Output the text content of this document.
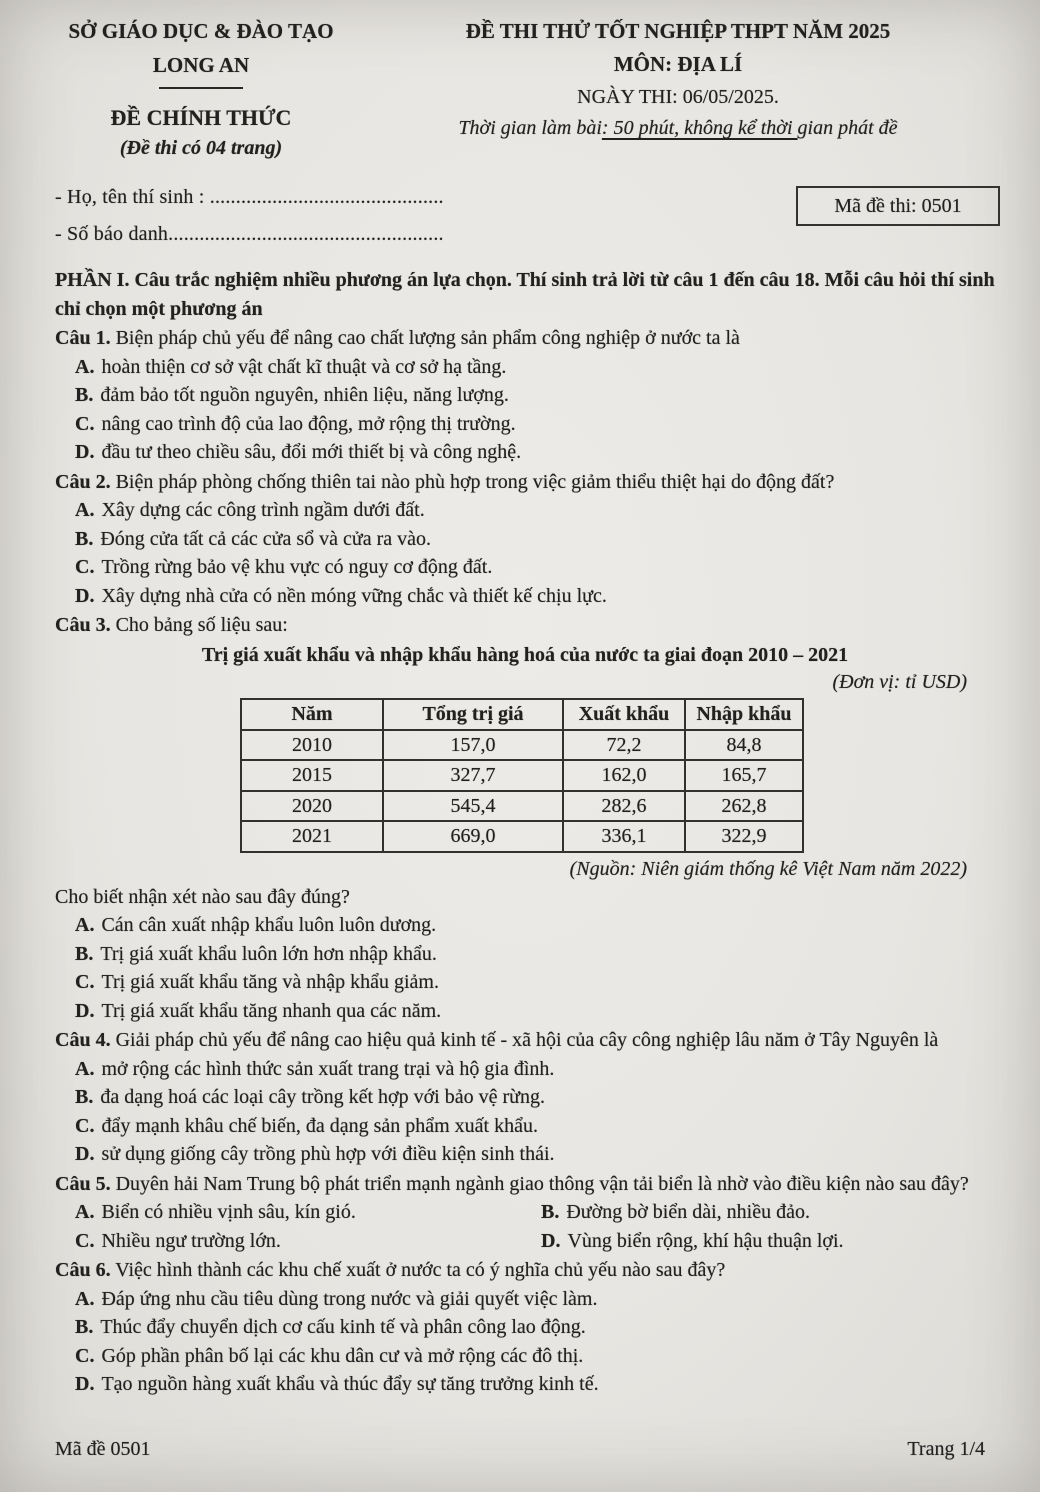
SỞ GIÁO DỤC & ĐÀO TẠO
LONG AN
ĐỀ CHÍNH THỨC
(Đề thi có 04 trang)
ĐỀ THI THỬ TỐT NGHIỆP THPT NĂM 2025
MÔN: ĐỊA LÍ
NGÀY THI: 06/05/2025.
Thời gian làm bài: 50 phút, không kể thời gian phát đề
- Họ, tên thí sinh : .............................................
- Số báo danh.....................................................
Mã đề thi: 0501
PHẦN I. Câu trắc nghiệm nhiều phương án lựa chọn. Thí sinh trả lời từ câu 1 đến câu 18. Mỗi câu hỏi thí sinh chỉ chọn một phương án
Câu 1. Biện pháp chủ yếu để nâng cao chất lượng sản phẩm công nghiệp ở nước ta là
A. hoàn thiện cơ sở vật chất kĩ thuật và cơ sở hạ tầng.
B. đảm bảo tốt nguồn nguyên, nhiên liệu, năng lượng.
C. nâng cao trình độ của lao động, mở rộng thị trường.
D. đầu tư theo chiều sâu, đổi mới thiết bị và công nghệ.
Câu 2. Biện pháp phòng chống thiên tai nào phù hợp trong việc giảm thiểu thiệt hại do động đất?
A. Xây dựng các công trình ngầm dưới đất.
B. Đóng cửa tất cả các cửa sổ và cửa ra vào.
C. Trồng rừng bảo vệ khu vực có nguy cơ động đất.
D. Xây dựng nhà cửa có nền móng vững chắc và thiết kế chịu lực.
Câu 3. Cho bảng số liệu sau:
Trị giá xuất khẩu và nhập khẩu hàng hoá của nước ta giai đoạn 2010 – 2021
(Đơn vị: tỉ USD)
Năm	Tổng trị giá	Xuất khẩu	Nhập khẩu
2010	157,0	72,2	84,8
2015	327,7	162,0	165,7
2020	545,4	282,6	262,8
2021	669,0	336,1	322,9
(Nguồn: Niên giám thống kê Việt Nam năm 2022)
Cho biết nhận xét nào sau đây đúng?
A. Cán cân xuất nhập khẩu luôn luôn dương.
B. Trị giá xuất khẩu luôn lớn hơn nhập khẩu.
C. Trị giá xuất khẩu tăng và nhập khẩu giảm.
D. Trị giá xuất khẩu tăng nhanh qua các năm.
Câu 4. Giải pháp chủ yếu để nâng cao hiệu quả kinh tế - xã hội của cây công nghiệp lâu năm ở Tây Nguyên là
A. mở rộng các hình thức sản xuất trang trại và hộ gia đình.
B. đa dạng hoá các loại cây trồng kết hợp với bảo vệ rừng.
C. đẩy mạnh khâu chế biến, đa dạng sản phẩm xuất khẩu.
D. sử dụng giống cây trồng phù hợp với điều kiện sinh thái.
Câu 5. Duyên hải Nam Trung bộ phát triển mạnh ngành giao thông vận tải biển là nhờ vào điều kiện nào sau đây?
A. Biển có nhiều vịnh sâu, kín gió.	B. Đường bờ biển dài, nhiều đảo.
C. Nhiều ngư trường lớn.	D. Vùng biển rộng, khí hậu thuận lợi.
Câu 6. Việc hình thành các khu chế xuất ở nước ta có ý nghĩa chủ yếu nào sau đây?
A. Đáp ứng nhu cầu tiêu dùng trong nước và giải quyết việc làm.
B. Thúc đẩy chuyển dịch cơ cấu kinh tế và phân công lao động.
C. Góp phần phân bố lại các khu dân cư và mở rộng các đô thị.
D. Tạo nguồn hàng xuất khẩu và thúc đẩy sự tăng trưởng kinh tế.
Mã đề 0501	Trang 1/4
